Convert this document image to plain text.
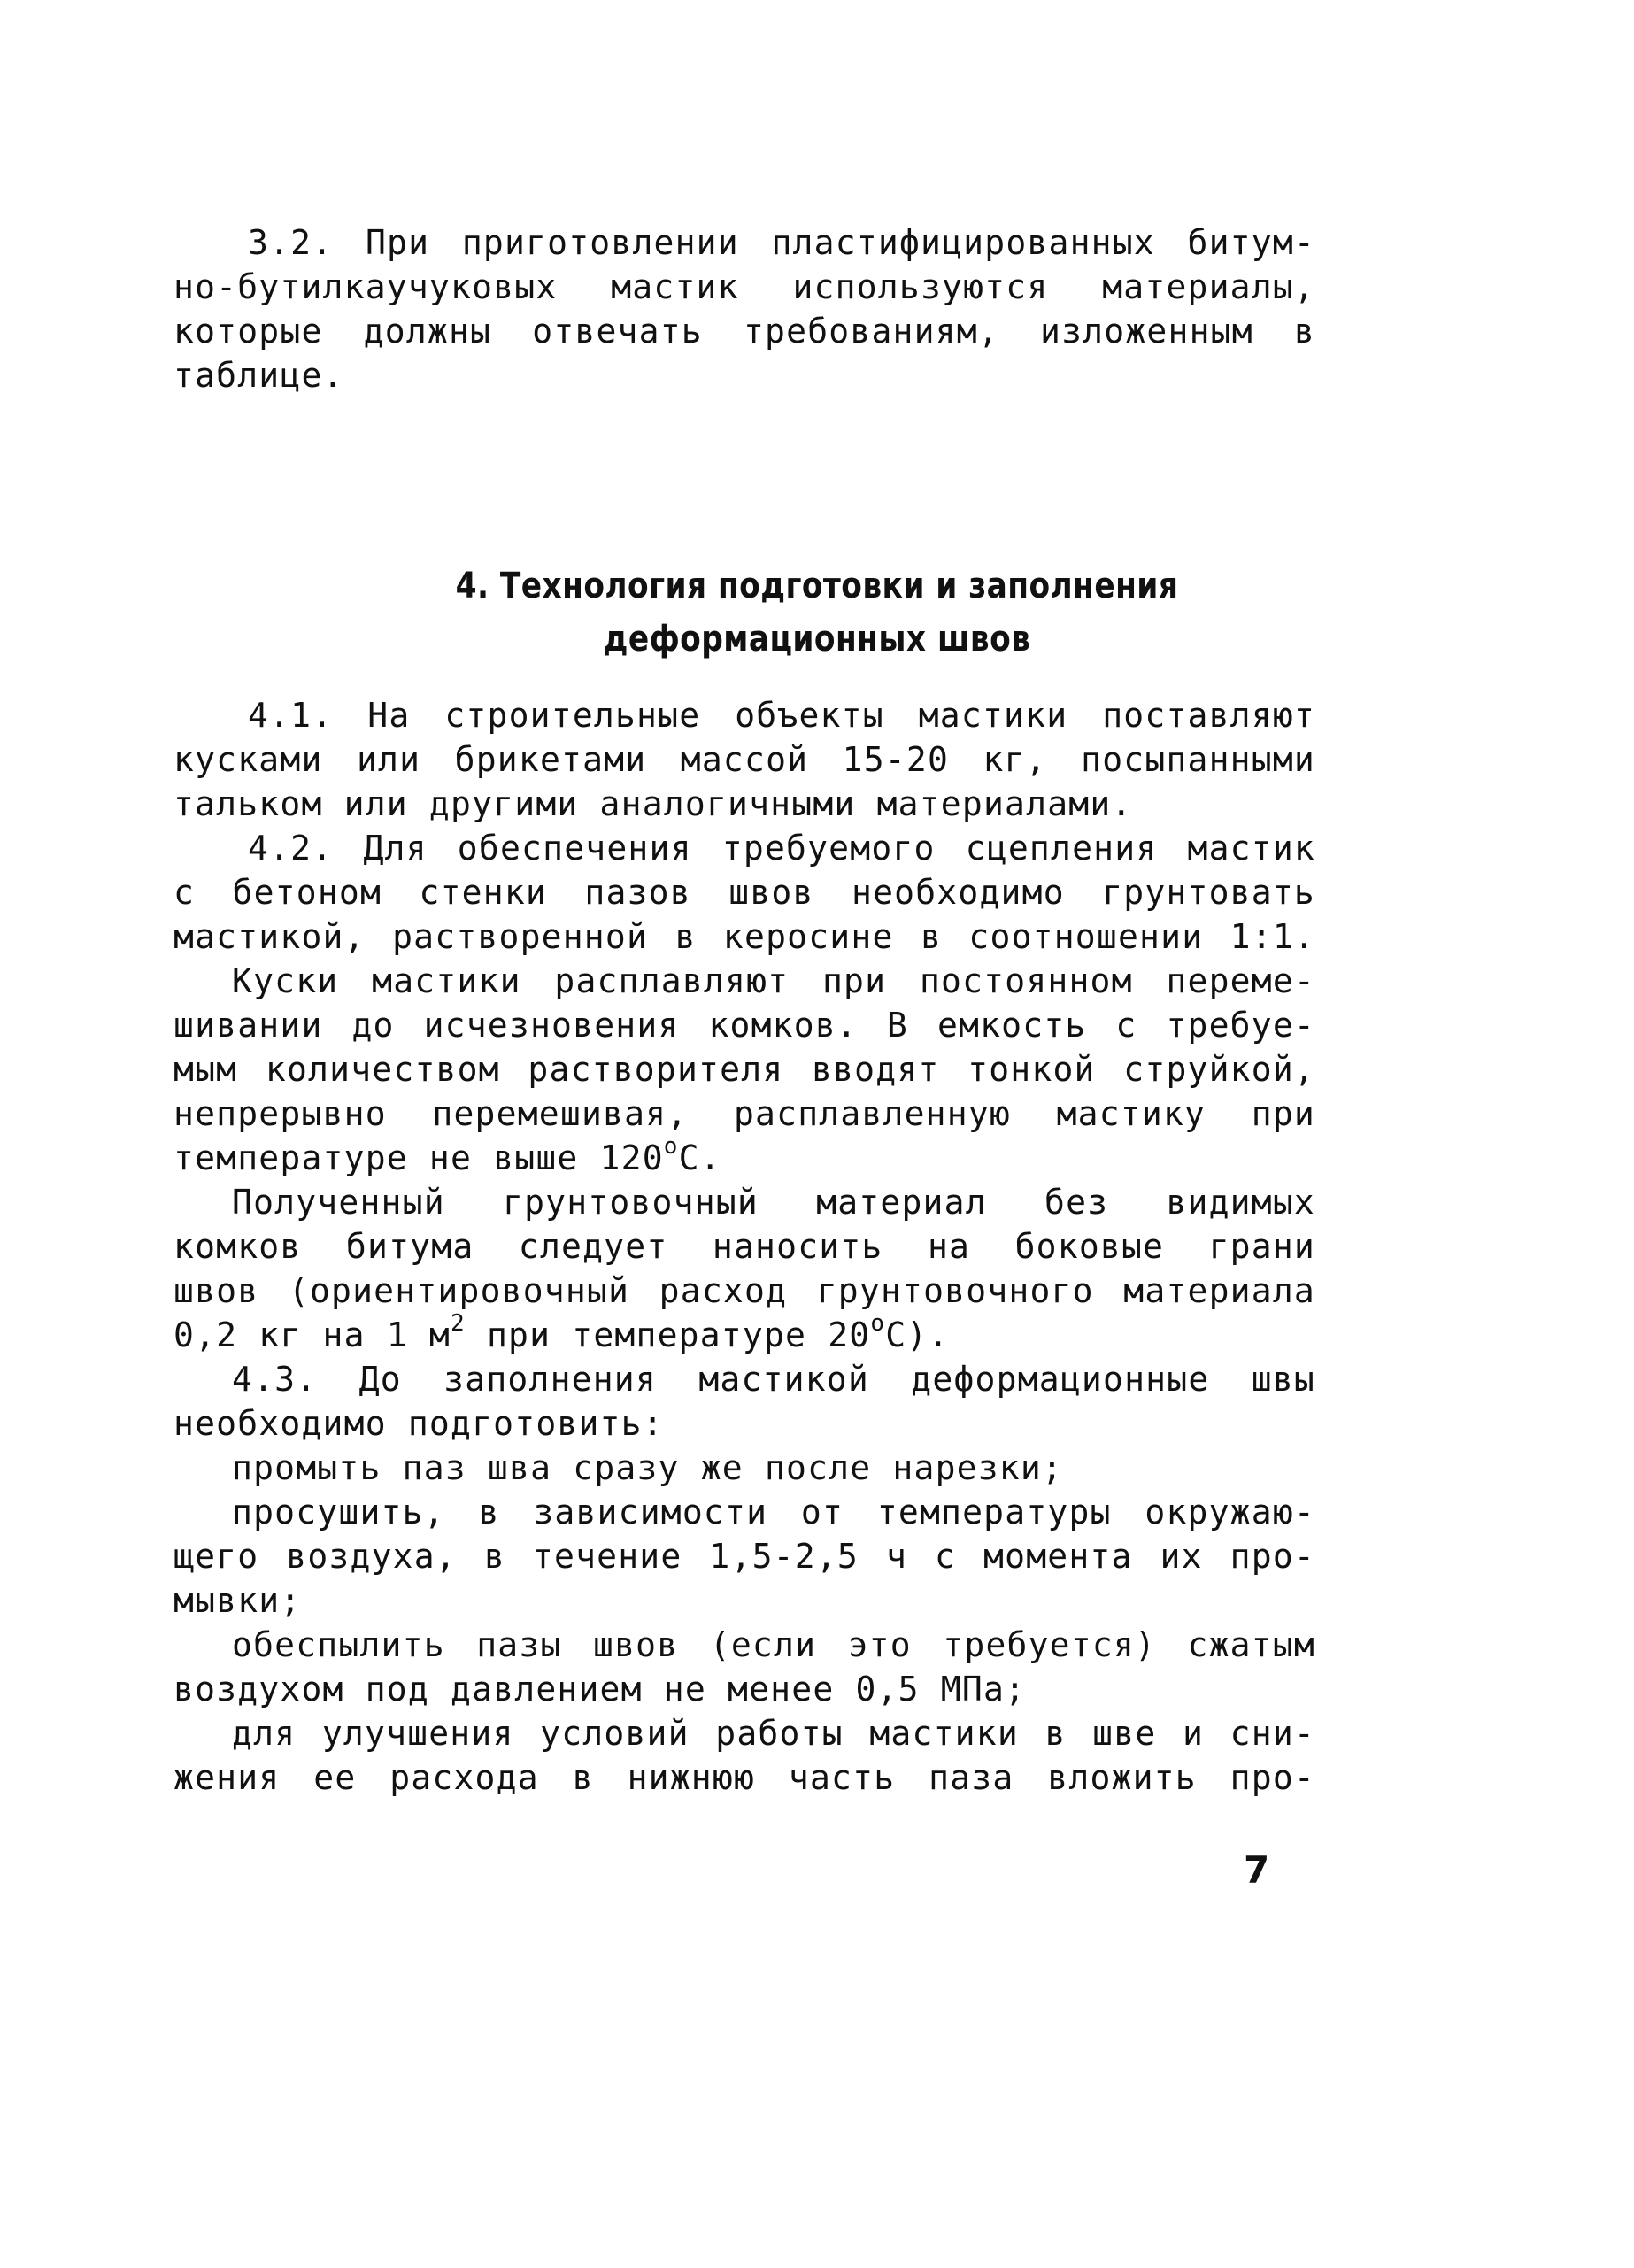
3.2. При приготовлении пластифицированных битум-
но-бутилкаучуковых мастик используются материалы,
которые должны отвечать требованиям, изложенным в
таблице.
4. Технология подготовки и заполнения
деформационных швов
4.1. На строительные объекты мастики поставляют
кусками или брикетами массой 15-20 кг, посыпанными
тальком или другими аналогичными материалами.
4.2. Для обеспечения требуемого сцепления мастик
с бетоном стенки пазов швов необходимо грунтовать
мастикой, растворенной в керосине в соотношении 1:1.
Куски мастики расплавляют при постоянном переме-
шивании до исчезновения комков. В емкость с требуе-
мым количеством растворителя вводят тонкой струйкой,
непрерывно перемешивая, расплавленную мастику при
температуре не выше $120^оС$.
Полученный грунтовочный материал без видимых
комков битума следует наносить на боковые грани
швов (ориентировочный расход грунтовочного материала
0,2 кг на 1 $м^2$ при температуре $20^оС$).
4.3. До заполнения мастикой деформационные швы
необходимо подготовить:
промыть паз шва сразу же после нарезки;
просушить, в зависимости от температуры окружаю-
щего воздуха, в течение 1,5-2,5 ч с момента их про-
мывки;
обеспылить пазы швов (если это требуется) сжатым
воздухом под давлением не менее 0,5 МПа;
для улучшения условий работы мастики в шве и сни-
жения ее расхода в нижнюю часть паза вложить про-
7
